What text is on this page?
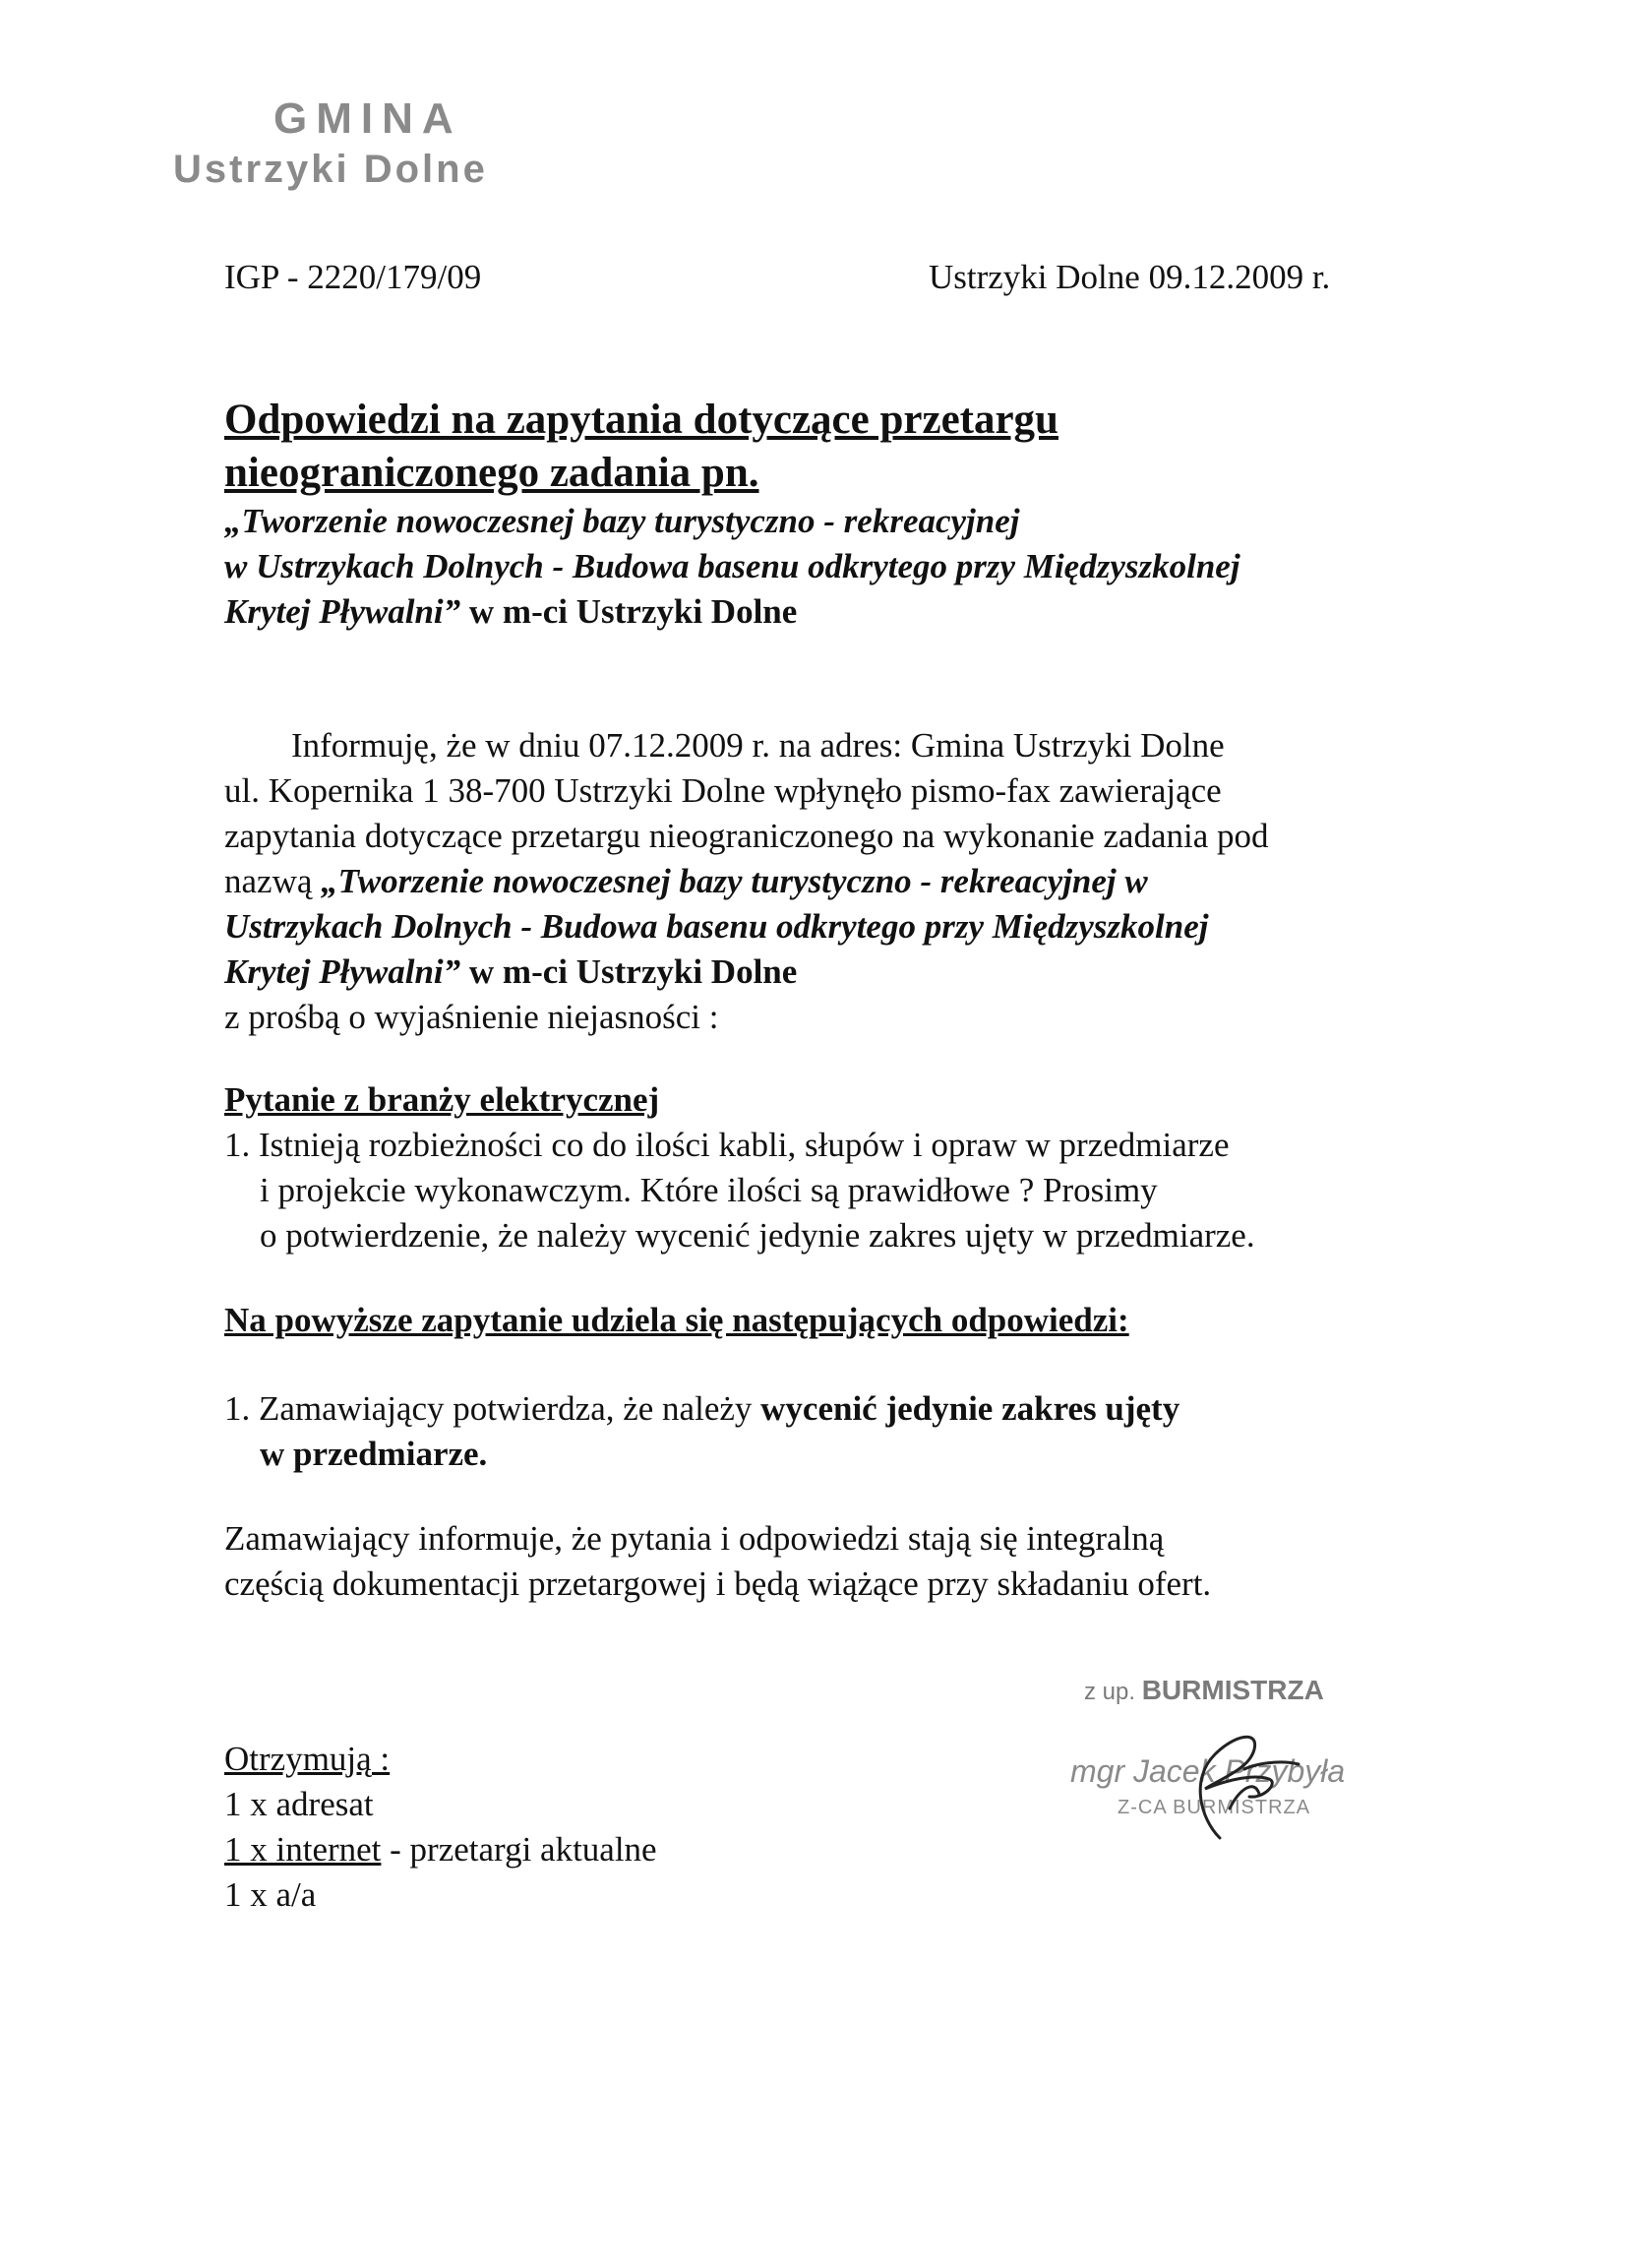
GMINA
Ustrzyki Dolne
IGP - 2220/179/09	Ustrzyki Dolne 09.12.2009 r.
Odpowiedzi na zapytania dotyczące przetargu
nieograniczonego zadania pn.
„Tworzenie nowoczesnej bazy turystyczno - rekreacyjnej
w Ustrzykach Dolnych - Budowa basenu odkrytego przy Międzyszkolnej
Krytej Pływalni” w m-ci Ustrzyki Dolne
Informuję, że w dniu 07.12.2009 r. na adres: Gmina Ustrzyki Dolne
ul. Kopernika 1 38-700 Ustrzyki Dolne wpłynęło pismo-fax zawierające
zapytania dotyczące przetargu nieograniczonego na wykonanie zadania pod
nazwą „Tworzenie nowoczesnej bazy turystyczno - rekreacyjnej w
Ustrzykach Dolnych - Budowa basenu odkrytego przy Międzyszkolnej
Krytej Pływalni” w m-ci Ustrzyki Dolne
z prośbą o wyjaśnienie niejasności :
Pytanie z branży elektrycznej
1. Istnieją rozbieżności co do ilości kabli, słupów i opraw w przedmiarze
i projekcie wykonawczym. Które ilości są prawidłowe ? Prosimy
o potwierdzenie, że należy wycenić jedynie zakres ujęty w przedmiarze.
Na powyższe zapytanie udziela się następujących odpowiedzi:
1. Zamawiający potwierdza, że należy wycenić jedynie zakres ujęty
w przedmiarze.
Zamawiający informuje, że pytania i odpowiedzi stają się integralną
częścią dokumentacji przetargowej i będą wiążące przy składaniu ofert.
z up. BURMISTRZA
mgr Jacek Przybyła
Z-CA BURMISTRZA
Otrzymują :
1 x adresat
1 x internet - przetargi aktualne
1 x a/a
